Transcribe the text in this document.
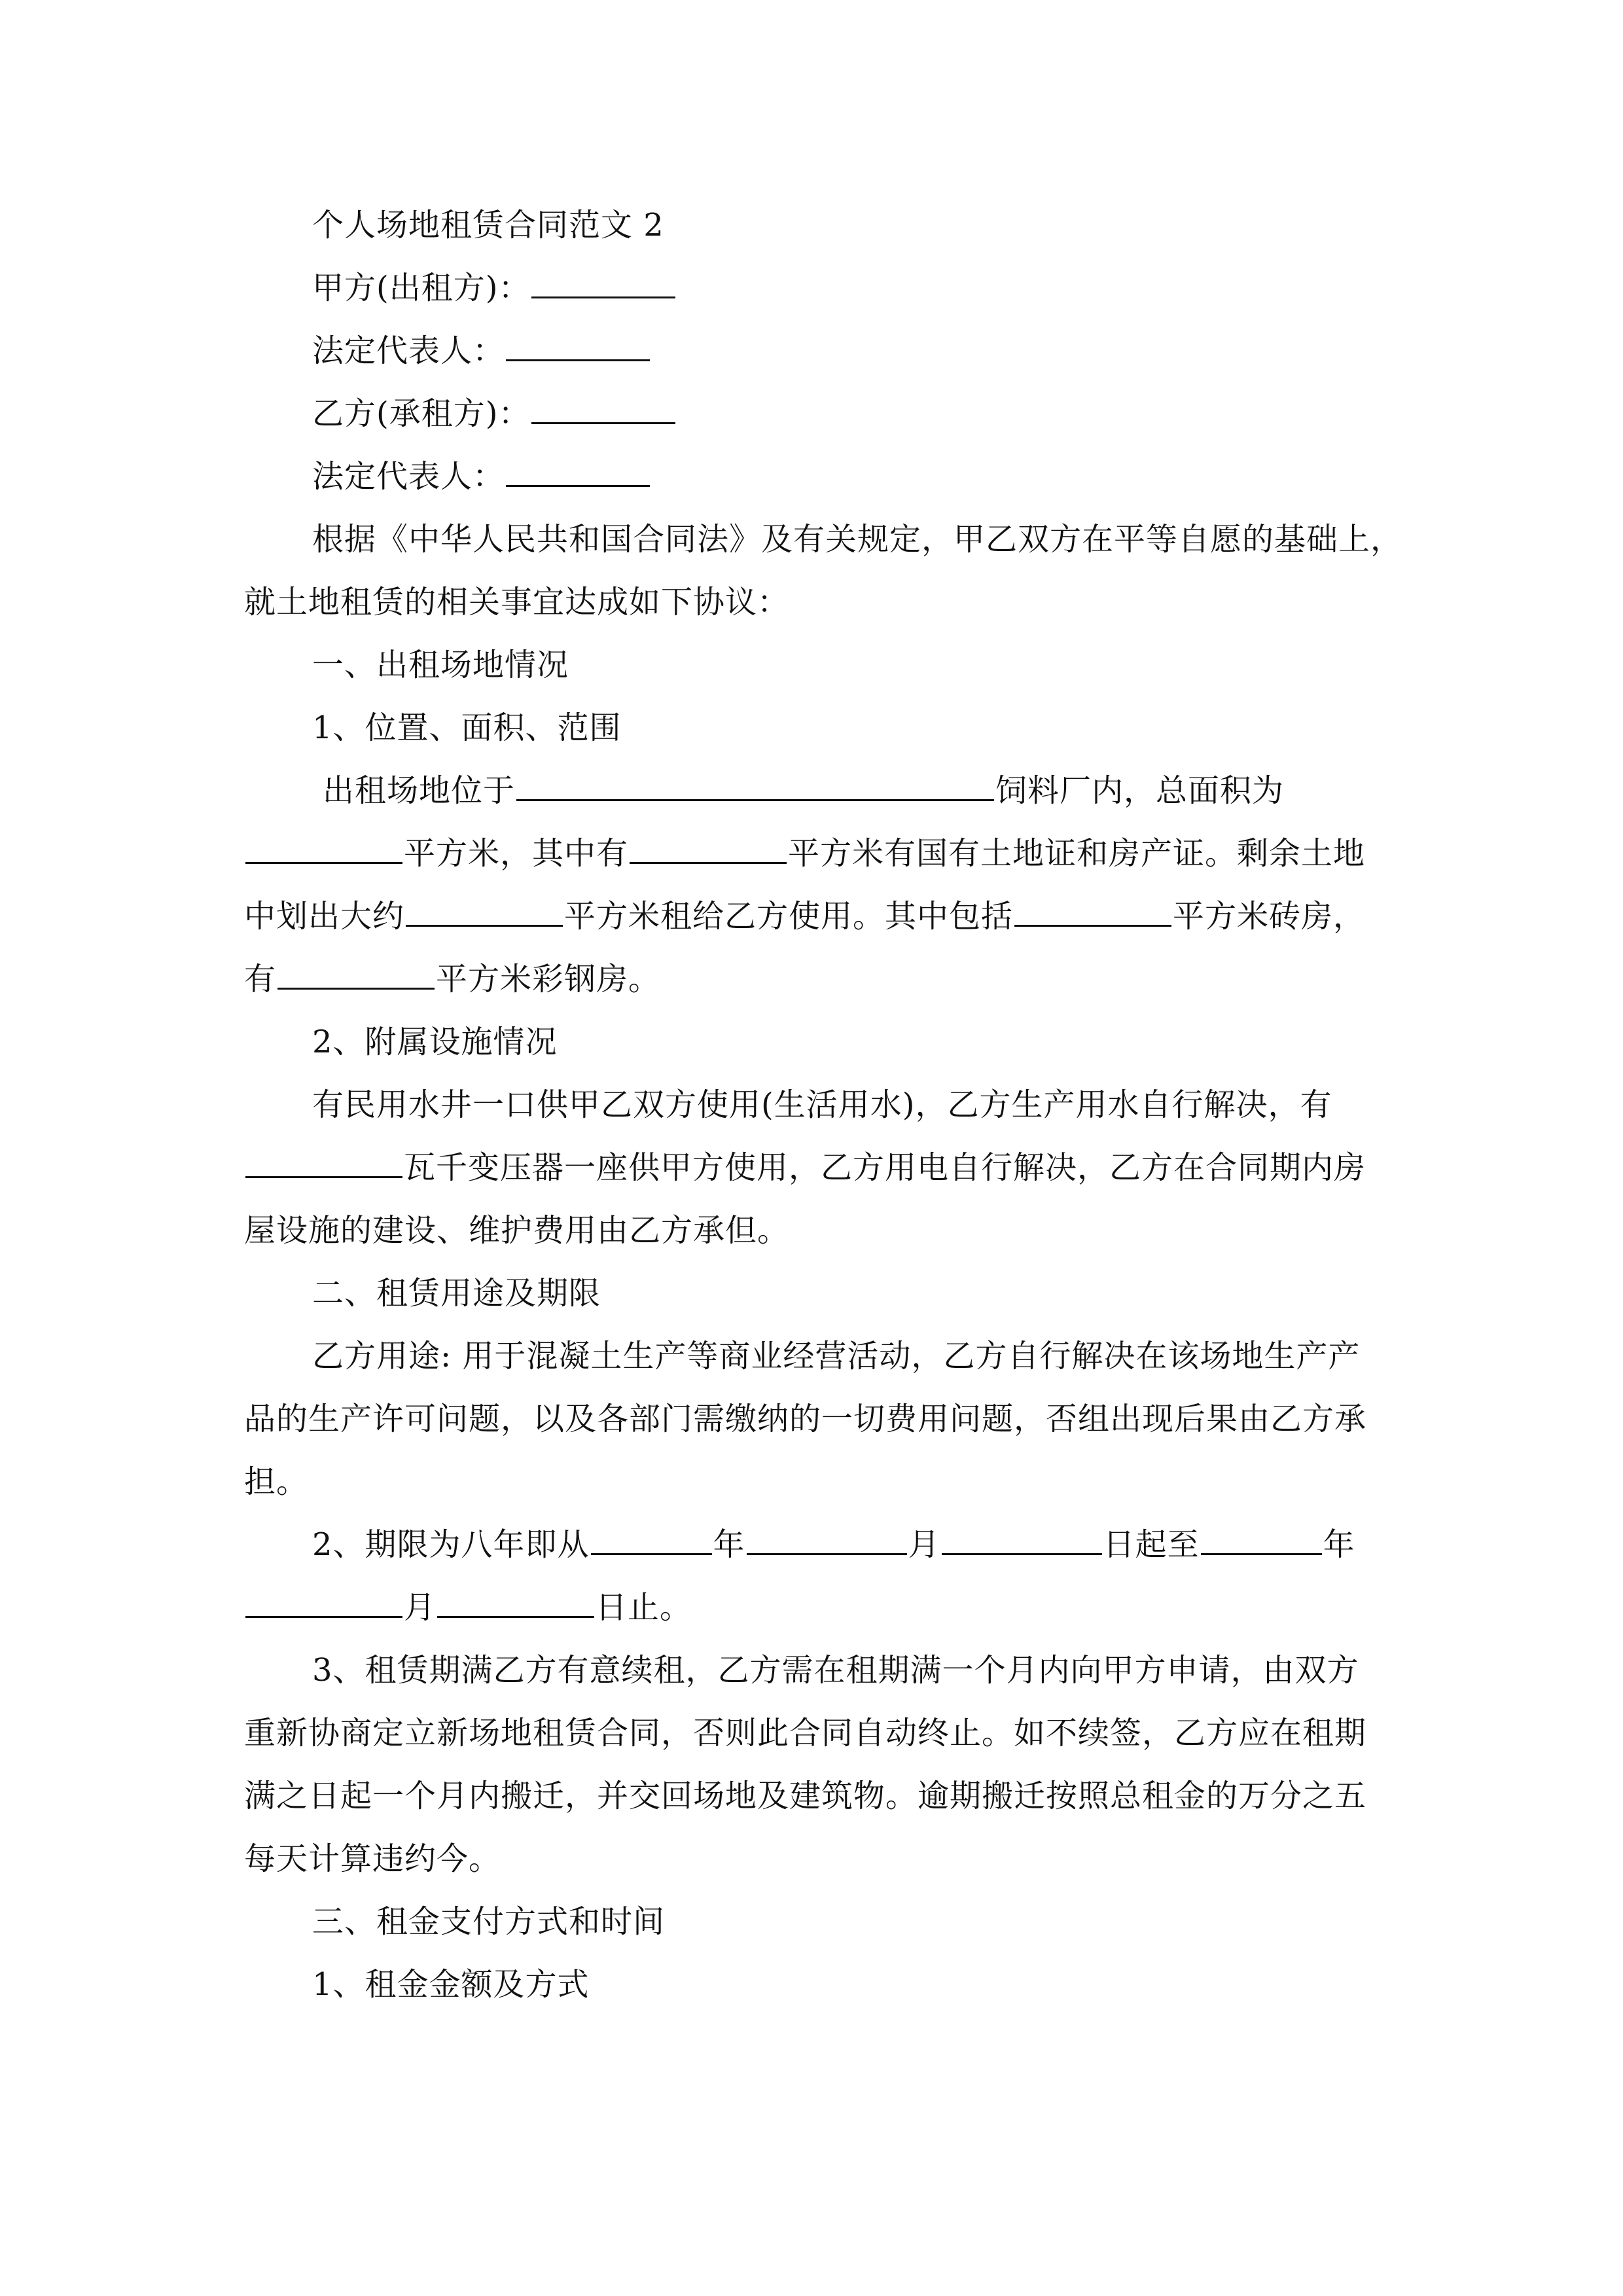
个人场地租赁合同范文 2
甲方(出租方)：
法定代表人：
乙方(承租方)：
法定代表人：
根据《中华人民共和国合同法》及有关规定，甲乙双方在平等自愿的基础上，
就土地租赁的相关事宜达成如下协议：
一、出租场地情况
1、位置、面积、范围
出租场地位于	饲料厂内，总面积为
平方米，其中有	平方米有国有土地证和房产证。剩余土地
中划出大约	平方米租给乙方使用。其中包括	平方米砖房，
有	平方米彩钢房。
2、附属设施情况
有民用水井一口供甲乙双方使用(生活用水)，乙方生产用水自行解决，有
瓦千变压器一座供甲方使用，乙方用电自行解决，乙方在合同期内房
屋设施的建设、维护费用由乙方承但。
二、租赁用途及期限
乙方用途: 用于混凝土生产等商业经营活动，乙方自行解决在该场地生产产
品的生产许可问题，以及各部门需缴纳的一切费用问题，否组出现后果由乙方承
担。
2、期限为八年即从	年	月	日起至	年
月	日止。
3、租赁期满乙方有意续租，乙方需在租期满一个月内向甲方申请，由双方
重新协商定立新场地租赁合同，否则此合同自动终止。如不续签，乙方应在租期
满之日起一个月内搬迁，并交回场地及建筑物。逾期搬迁按照总租金的万分之五
每天计算违约今。
三、租金支付方式和时间
1、租金金额及方式
